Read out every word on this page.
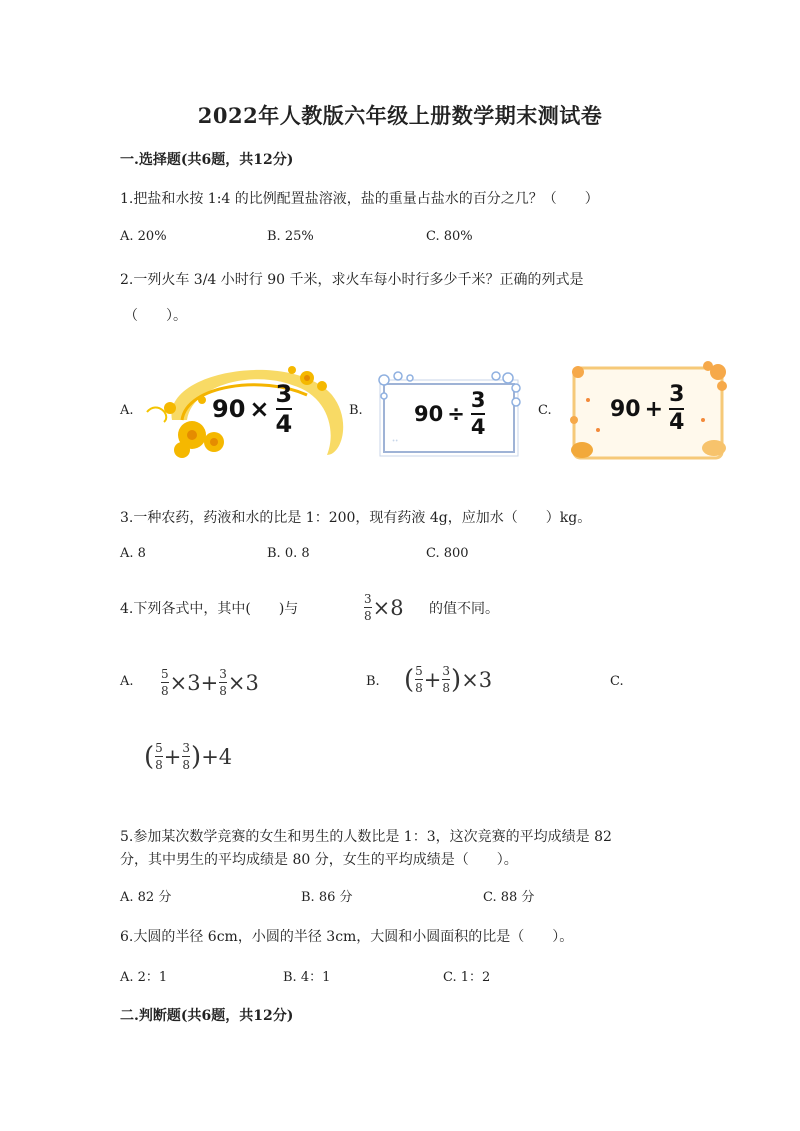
2022年人教版六年级上册数学期末测试卷
一.选择题(共6题，共12分)
1.把盐和水按 1:4 的比例配置盐溶液，盐的重量占盐水的百分之几？（　　）
A. 20%	B. 25%	C. 80%
2.一列火车 3/4 小时行 90 千米，求火车每小时行多少千米？正确的列式是
（　　）。
A.	B.	C.
$90 \times \frac{3}{4}$
ꞏꞏ
$90 \div \frac{3}{4}$	$90 + \frac{3}{4}$
3.一种农药，药液和水的比是 1：200，现有药液 4g，应加水（　　）kg。
A. 8	B. 0. 8	C. 800
4.下列各式中，其中(　　)与
3
8 ×8 的值不同。
A. 5
8 ×3+ 3
8 ×3	B. ( 5
8 + 3
8 ) ×3	C.
( 5
8 + 3
8 ) +4
5.参加某次数学竞赛的女生和男生的人数比是 1：3，这次竞赛的平均成绩是 82
分，其中男生的平均成绩是 80 分，女生的平均成绩是（　　）。
A. 82 分	B. 86 分	C. 88 分
6.大圆的半径 6cm，小圆的半径 3cm，大圆和小圆面积的比是（　　）。
A. 2：1	B. 4：1	C. 1：2
二.判断题(共6题，共12分)
